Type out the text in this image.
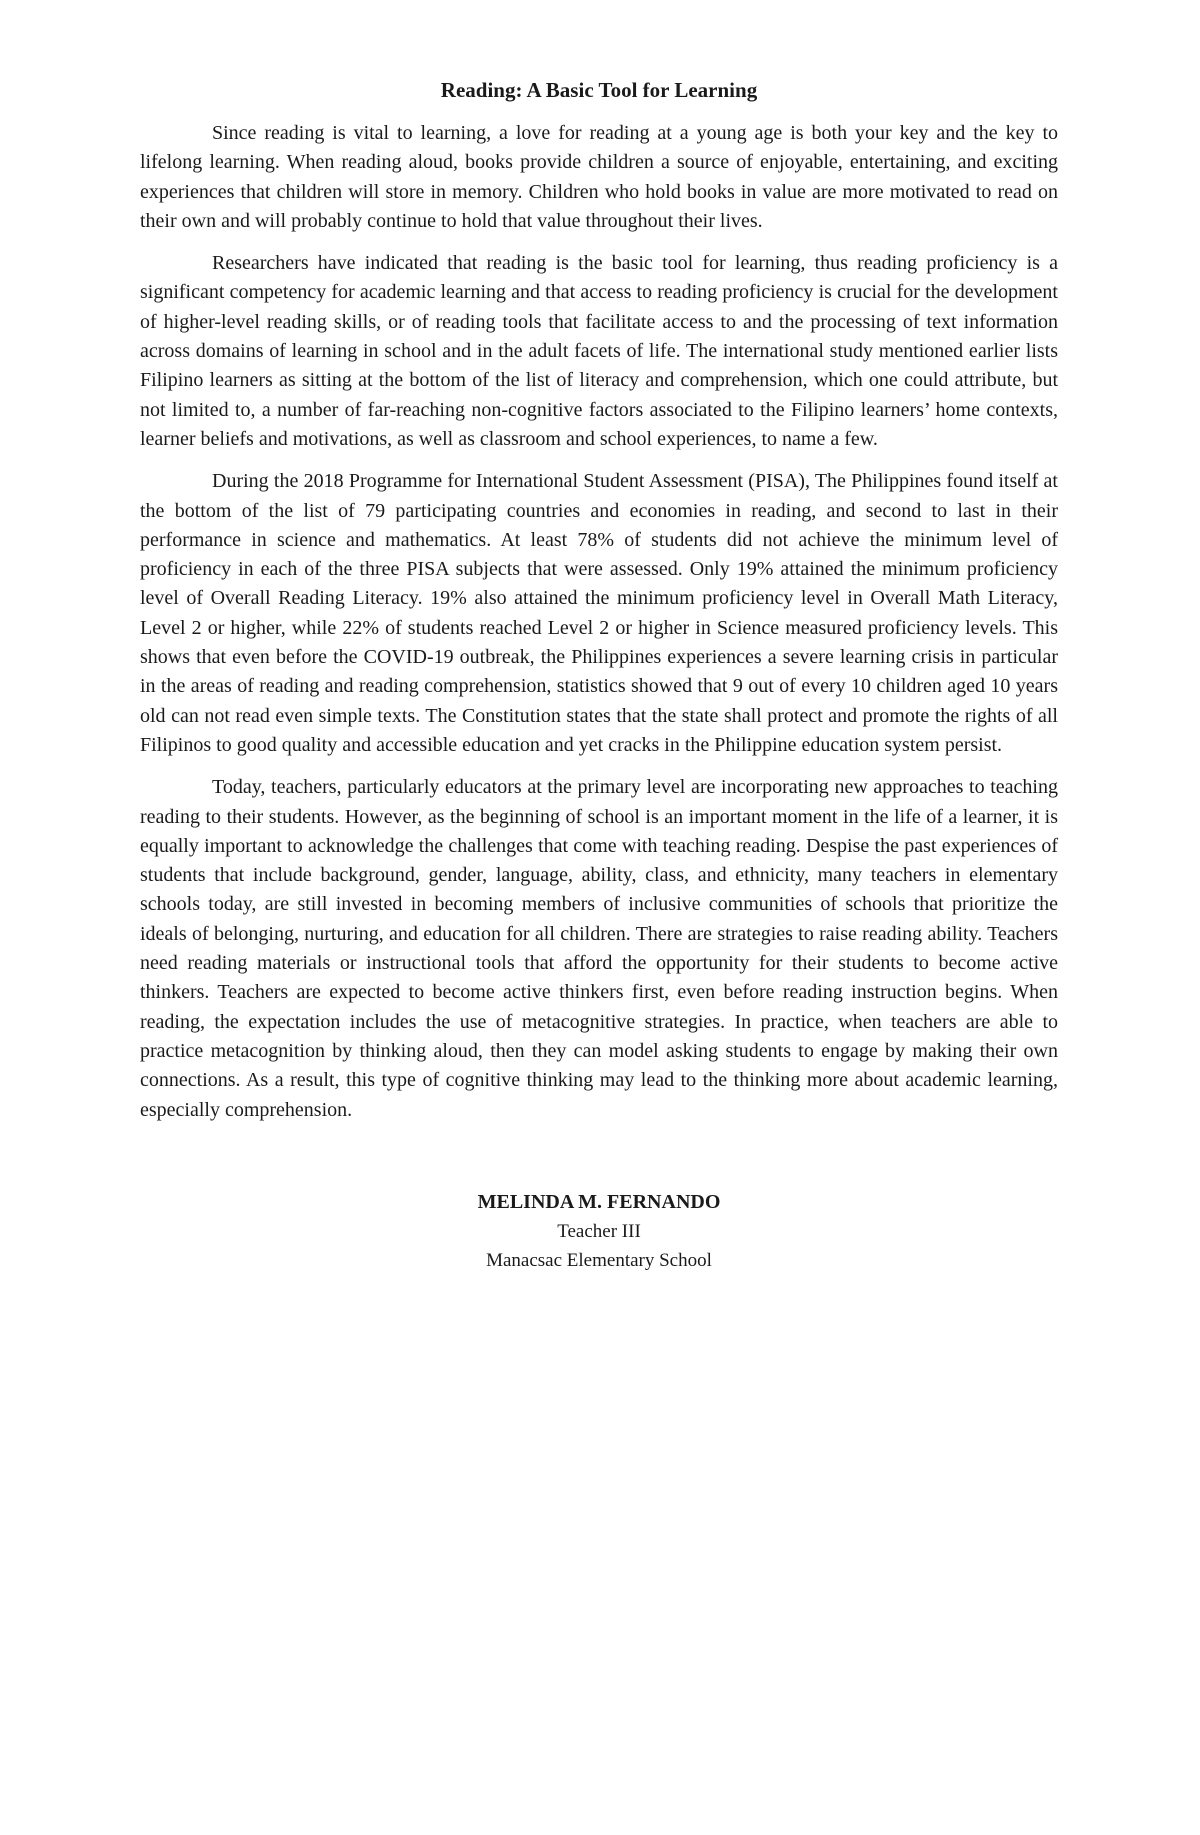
Reading: A Basic Tool for Learning

Since reading is vital to learning, a love for reading at a young age is both your key and the key to lifelong learning. When reading aloud, books provide children a source of enjoyable, entertaining, and exciting experiences that children will store in memory. Children who hold books in value are more motivated to read on their own and will probably continue to hold that value throughout their lives.

Researchers have indicated that reading is the basic tool for learning, thus reading proficiency is a significant competency for academic learning and that access to reading proficiency is crucial for the development of higher-level reading skills, or of reading tools that facilitate access to and the processing of text information across domains of learning in school and in the adult facets of life. The international study mentioned earlier lists Filipino learners as sitting at the bottom of the list of literacy and comprehension, which one could attribute, but not limited to, a number of far-reaching non-cognitive factors associated to the Filipino learners’ home contexts, learner beliefs and motivations, as well as classroom and school experiences, to name a few.

During the 2018 Programme for International Student Assessment (PISA), The Philippines found itself at the bottom of the list of 79 participating countries and economies in reading, and second to last in their performance in science and mathematics. At least 78% of students did not achieve the minimum level of proficiency in each of the three PISA subjects that were assessed. Only 19% attained the minimum proficiency level of Overall Reading Literacy. 19% also attained the minimum proficiency level in Overall Math Literacy, Level 2 or higher, while 22% of students reached Level 2 or higher in Science measured proficiency levels. This shows that even before the COVID-19 outbreak, the Philippines experiences a severe learning crisis in particular in the areas of reading and reading comprehension, statistics showed that 9 out of every 10 children aged 10 years old can not read even simple texts. The Constitution states that the state shall protect and promote the rights of all Filipinos to good quality and accessible education and yet cracks in the Philippine education system persist.

Today, teachers, particularly educators at the primary level are incorporating new approaches to teaching reading to their students. However, as the beginning of school is an important moment in the life of a learner, it is equally important to acknowledge the challenges that come with teaching reading. Despise the past experiences of students that include background, gender, language, ability, class, and ethnicity, many teachers in elementary schools today, are still invested in becoming members of inclusive communities of schools that prioritize the ideals of belonging, nurturing, and education for all children. There are strategies to raise reading ability. Teachers need reading materials or instructional tools that afford the opportunity for their students to become active thinkers. Teachers are expected to become active thinkers first, even before reading instruction begins. When reading, the expectation includes the use of metacognitive strategies. In practice, when teachers are able to practice metacognition by thinking aloud, then they can model asking students to engage by making their own connections. As a result, this type of cognitive thinking may lead to the thinking more about academic learning, especially comprehension.

MELINDA M. FERNANDO
Teacher III
Manacsac Elementary School
